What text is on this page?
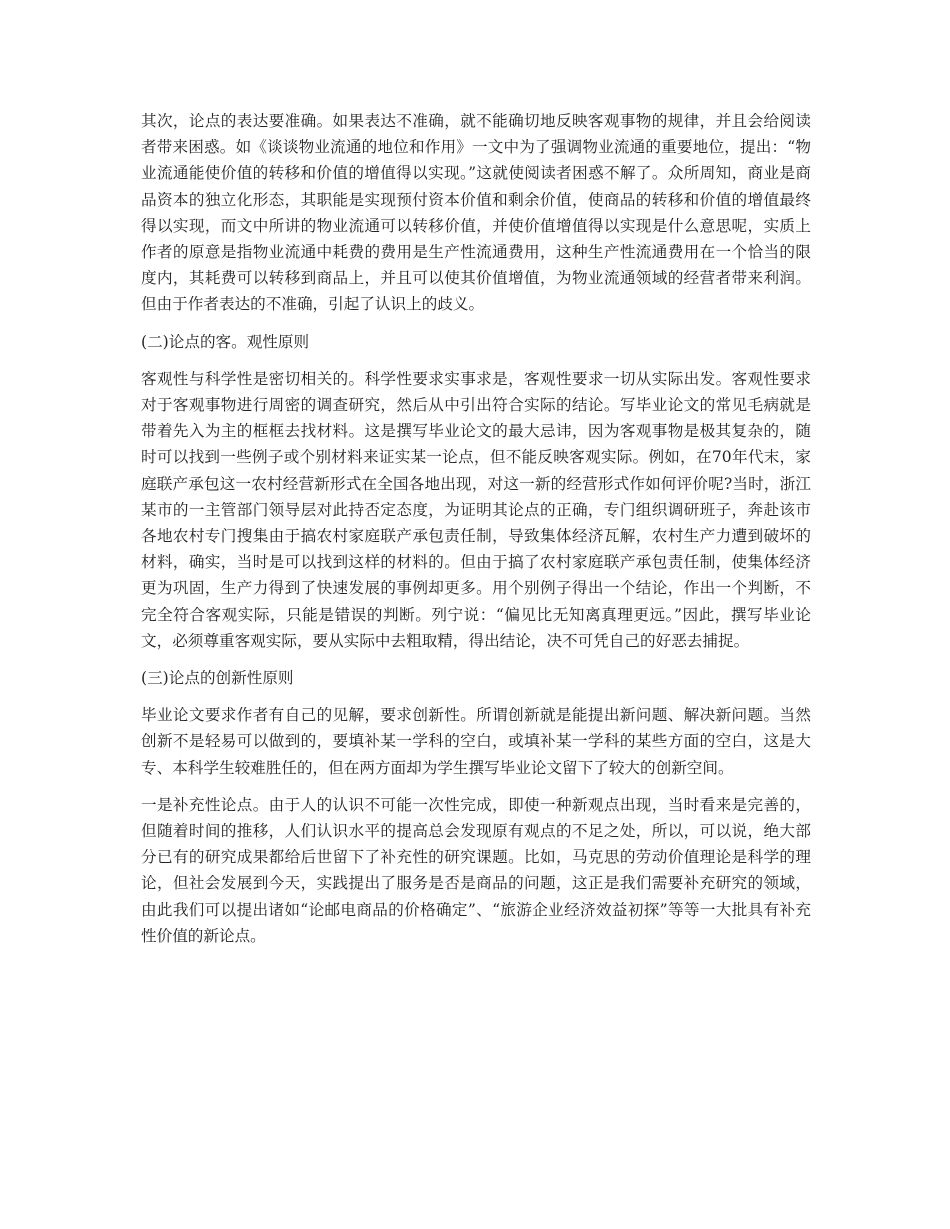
其次，论点的表达要准确。如果表达不准确，就不能确切地反映客观事物的规律，并且会给阅读者带来困惑。如《谈谈物业流通的地位和作用》一文中为了强调物业流通的重要地位，提出：“物业流通能使价值的转移和价值的增值得以实现。”这就使阅读者困惑不解了。众所周知，商业是商品资本的独立化形态，其职能是实现预付资本价值和剩余价值，使商品的转移和价值的增值最终得以实现，而文中所讲的物业流通可以转移价值，并使价值增值得以实现是什么意思呢，实质上作者的原意是指物业流通中耗费的费用是生产性流通费用，这种生产性流通费用在一个恰当的限度内，其耗费可以转移到商品上，并且可以使其价值增值，为物业流通领域的经营者带来利润。但由于作者表达的不准确，引起了认识上的歧义。

(二)论点的客。观性原则

客观性与科学性是密切相关的。科学性要求实事求是，客观性要求一切从实际出发。客观性要求对于客观事物进行周密的调查研究，然后从中引出符合实际的结论。写毕业论文的常见毛病就是带着先入为主的框框去找材料。这是撰写毕业论文的最大忌讳，因为客观事物是极其复杂的，随时可以找到一些例子或个别材料来证实某一论点，但不能反映客观实际。例如，在70年代末，家庭联产承包这一农村经营新形式在全国各地出现，对这一新的经营形式作如何评价呢?当时，浙江某市的一主管部门领导层对此持否定态度，为证明其论点的正确，专门组织调研班子，奔赴该市各地农村专门搜集由于搞农村家庭联产承包责任制，导致集体经济瓦解，农村生产力遭到破坏的材料，确实，当时是可以找到这样的材料的。但由于搞了农村家庭联产承包责任制，使集体经济更为巩固，生产力得到了快速发展的事例却更多。用个别例子得出一个结论，作出一个判断，不完全符合客观实际，只能是错误的判断。列宁说：“偏见比无知离真理更远。”因此，撰写毕业论文，必须尊重客观实际，要从实际中去粗取精，得出结论，决不可凭自己的好恶去捕捉。

(三)论点的创新性原则

毕业论文要求作者有自己的见解，要求创新性。所谓创新就是能提出新问题、解决新问题。当然创新不是轻易可以做到的，要填补某一学科的空白，或填补某一学科的某些方面的空白，这是大专、本科学生较难胜任的，但在两方面却为学生撰写毕业论文留下了较大的创新空间。

一是补充性论点。由于人的认识不可能一次性完成，即使一种新观点出现，当时看来是完善的，但随着时间的推移，人们认识水平的提高总会发现原有观点的不足之处，所以，可以说，绝大部分已有的研究成果都给后世留下了补充性的研究课题。比如，马克思的劳动价值理论是科学的理论，但社会发展到今天，实践提出了服务是否是商品的问题，这正是我们需要补充研究的领域，由此我们可以提出诸如“论邮电商品的价格确定”、“旅游企业经济效益初探”等等一大批具有补充性价值的新论点。
